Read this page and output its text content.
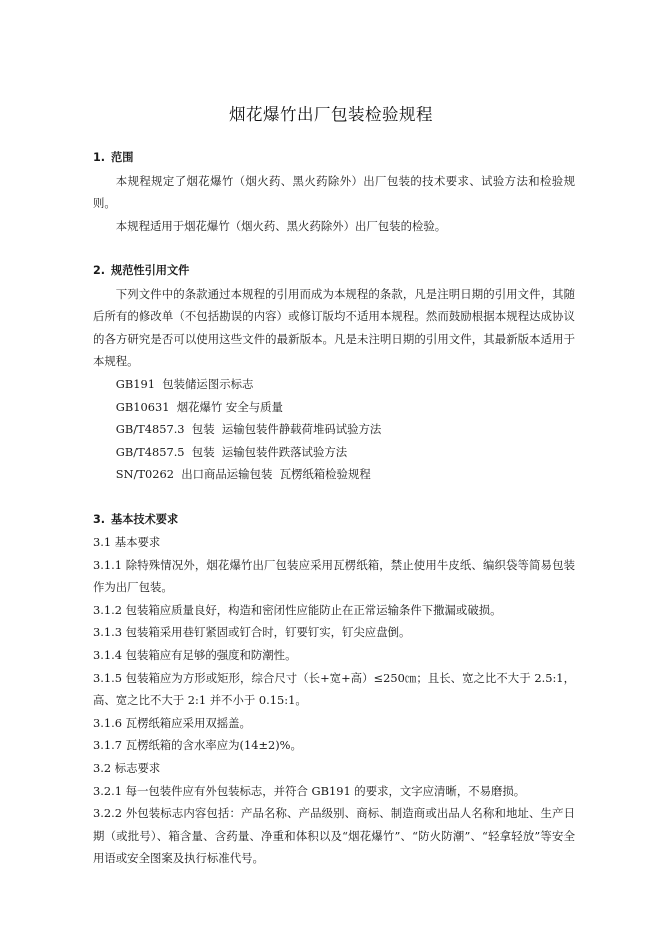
烟花爆竹出厂包装检验规程
1. 范围

本规程规定了烟花爆竹（烟火药、黑火药除外）出厂包装的技术要求、试验方法和检验规则。

本规程适用于烟花爆竹（烟火药、黑火药除外）出厂包装的检验。

2. 规范性引用文件

下列文件中的条款通过本规程的引用而成为本规程的条款，凡是注明日期的引用文件，其随后所有的修改单（不包括勘误的内容）或修订版均不适用本规程。然而鼓励根据本规程达成协议的各方研究是否可以使用这些文件的最新版本。凡是未注明日期的引用文件，其最新版本适用于本规程。

GB191  包装储运图示标志

GB10631  烟花爆竹 安全与质量

GB/T4857.3  包装  运输包装件静载荷堆码试验方法

GB/T4857.5  包装  运输包装件跌落试验方法

SN/T0262  出口商品运输包装  瓦楞纸箱检验规程

3. 基本技术要求

3.1 基本要求

3.1.1 除特殊情况外，烟花爆竹出厂包装应采用瓦楞纸箱，禁止使用牛皮纸、编织袋等简易包装作为出厂包装。

3.1.2 包装箱应质量良好，构造和密闭性应能防止在正常运输条件下撒漏或破损。

3.1.3 包装箱采用巷钉紧固或钉合时，钉要钉实，钉尖应盘倒。

3.1.4 包装箱应有足够的强度和防潮性。

3.1.5 包装箱应为方形或矩形，综合尺寸（长+宽+高）≤250㎝；且长、宽之比不大于 2.5:1，高、宽之比不大于 2:1 并不小于 0.15:1。

3.1.6 瓦楞纸箱应采用双摇盖。

3.1.7 瓦楞纸箱的含水率应为(14±2)%。

3.2 标志要求

3.2.1 每一包装件应有外包装标志，并符合 GB191 的要求，文字应清晰，不易磨损。

3.2.2 外包装标志内容包括：产品名称、产品级别、商标、制造商或出品人名称和地址、生产日期（或批号）、箱含量、含药量、净重和体积以及“烟花爆竹”、“防火防潮”、“轻拿轻放”等安全用语或安全图案及执行标准代号。
